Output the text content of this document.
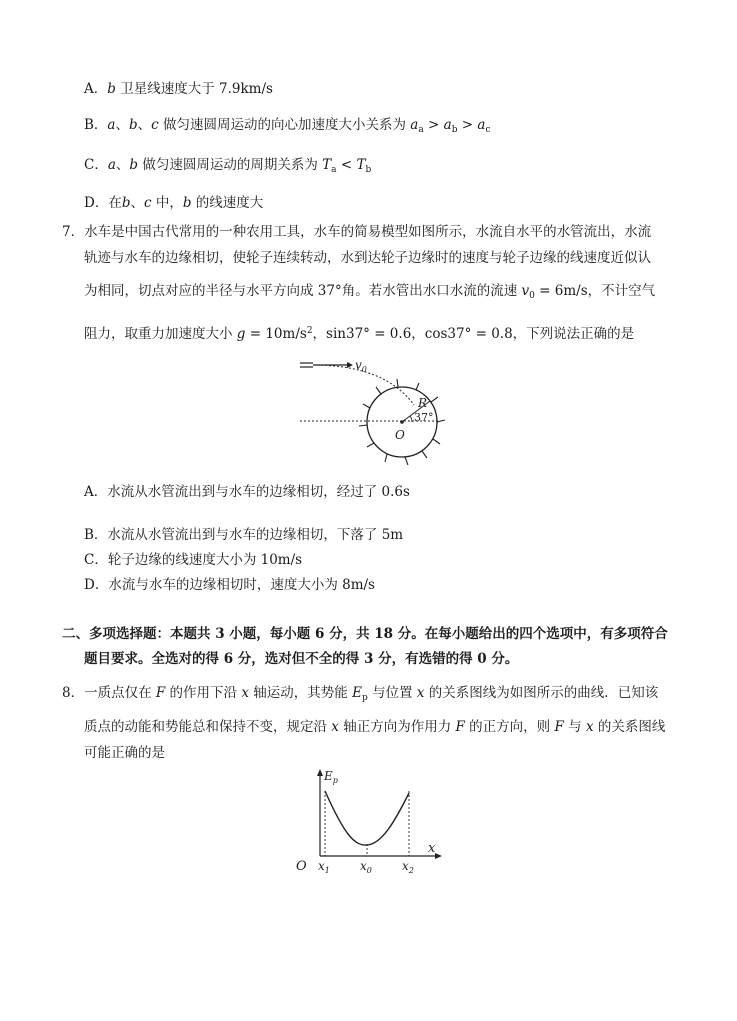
A．b 卫星线速度大于 7.9km/s
B．a、b、c 做匀速圆周运动的向心加速度大小关系为 $a_a > a_b > a_c$
C．a、b 做匀速圆周运动的周期关系为 $T_a < T_b$
D．在b、c 中，b 的线速度大
7．水车是中国古代常用的一种农用工具，水车的简易模型如图所示，水流自水平的水管流出，水流
轨迹与水车的边缘相切，使轮子连续转动，水到达轮子边缘时的速度与轮子边缘的线速度近似认
为相同，切点对应的半径与水平方向成 37°角。若水管出水口水流的流速 $v_0 = 6m/s$，不计空气
阻力，取重力加速度大小 $g = 10m/s^2$，sin37° = 0.6，cos37° = 0.8，下列说法正确的是
$v_0$
R
37°
O
A．水流从水管流出到与水车的边缘相切，经过了 0.6s
B．水流从水管流出到与水车的边缘相切，下落了 5m
C．轮子边缘的线速度大小为 10m/s
D．水流与水车的边缘相切时，速度大小为 8m/s
二、多项选择题：本题共 3 小题，每小题 6 分，共 18 分。在每小题给出的四个选项中，有多项符合
题目要求。全选对的得 6 分，选对但不全的得 3 分，有选错的得 0 分。
8．一质点仅在 F 的作用下沿 x 轴运动，其势能 $E_p$ 与位置 x 的关系图线为如图所示的曲线．已知该
质点的动能和势能总和保持不变，规定沿 x 轴正方向为作用力 F 的正方向，则 F 与 x 的关系图线
可能正确的是
$E_p$
x
O $x_1$	$x_0$	$x_2$
